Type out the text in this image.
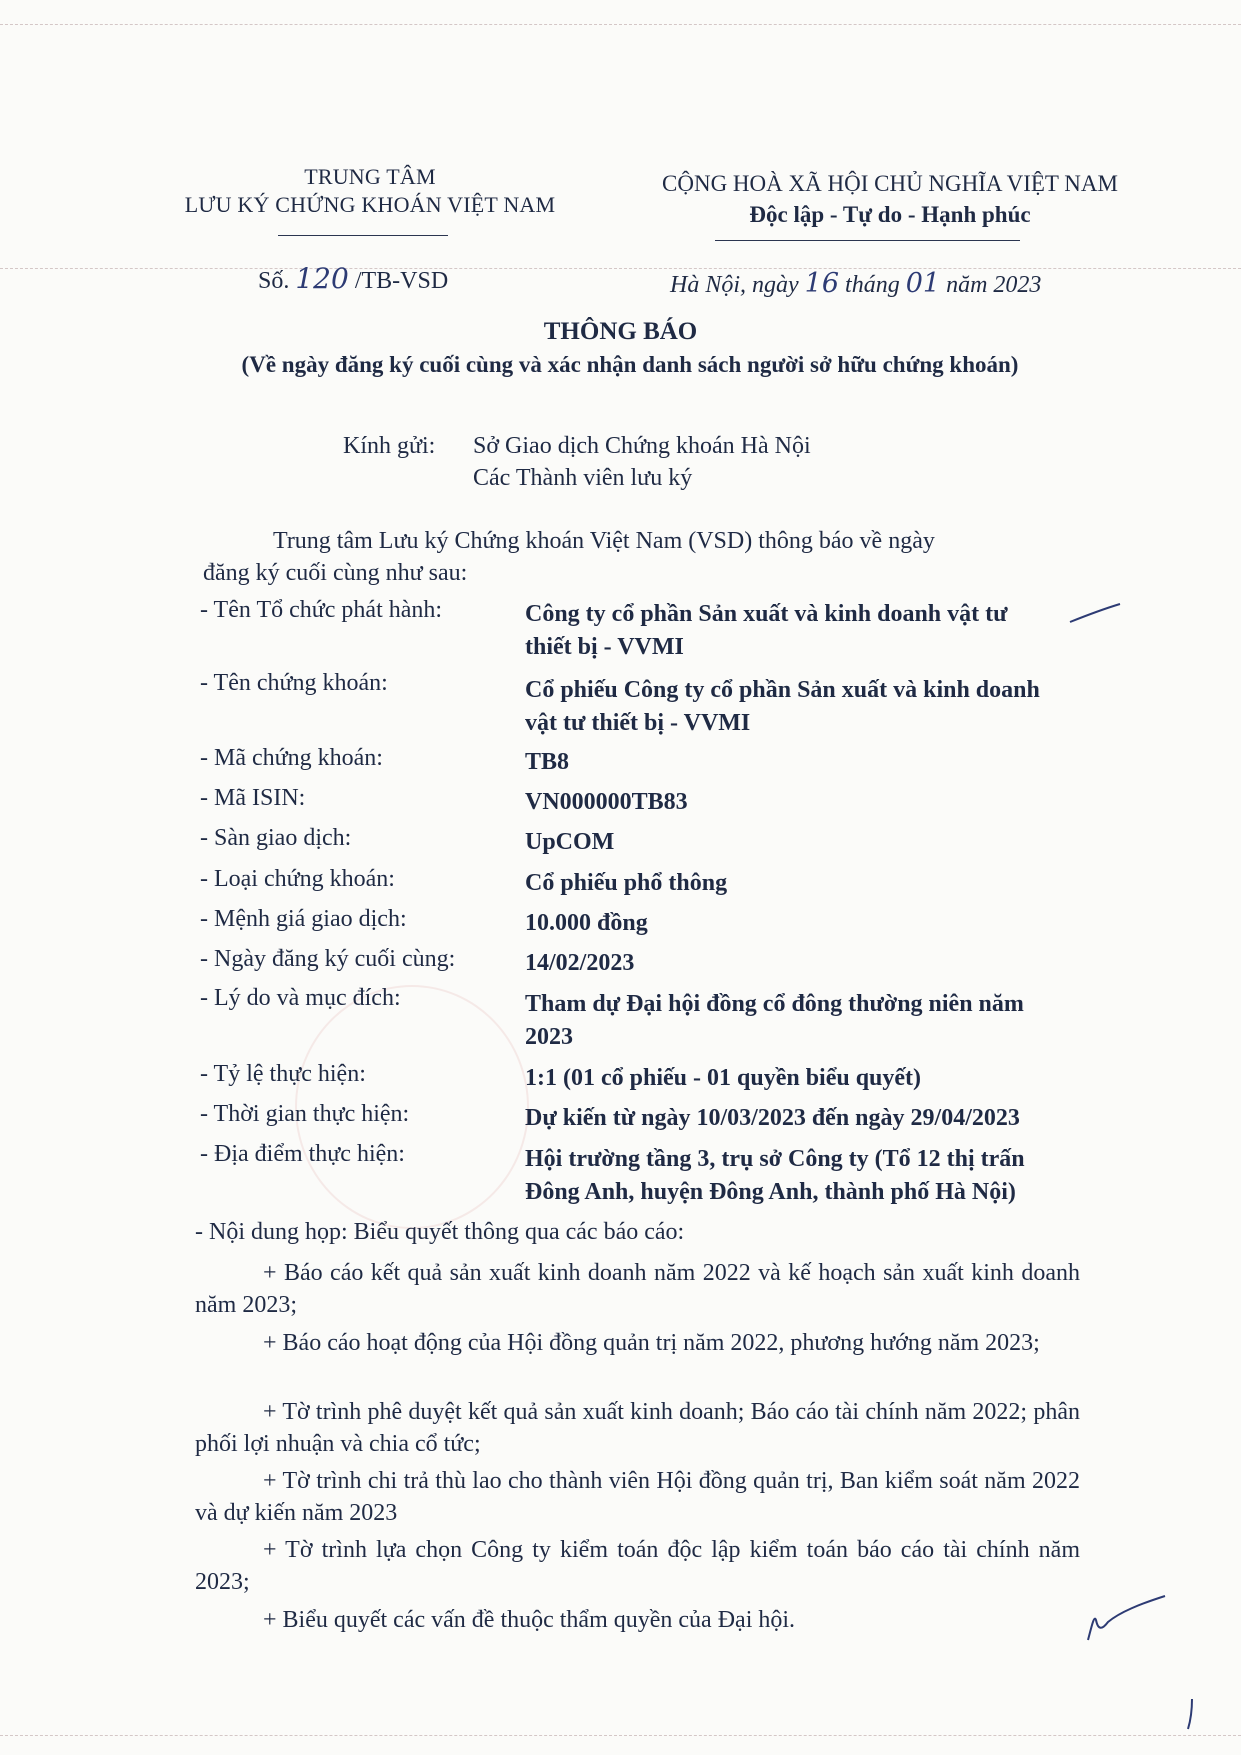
TRUNG TÂM
LƯU KÝ CHỨNG KHOÁN VIỆT NAM
CỘNG HOÀ XÃ HỘI CHỦ NGHĨA VIỆT NAM
Độc lập - Tự do - Hạnh phúc
Số. 120 /TB-VSD	Hà Nội, ngày 16 tháng 01 năm 2023
THÔNG BÁO
(Về ngày đăng ký cuối cùng và xác nhận danh sách người sở hữu chứng khoán)
Kính gửi: Sở Giao dịch Chứng khoán Hà Nội
Các Thành viên lưu ký
Trung tâm Lưu ký Chứng khoán Việt Nam (VSD) thông báo về ngày
đăng ký cuối cùng như sau:
- Tên Tổ chức phát hành:	Công ty cổ phần Sản xuất và kinh doanh vật tư
thiết bị - VVMI
- Tên chứng khoán:	Cổ phiếu Công ty cổ phần Sản xuất và kinh doanh
vật tư thiết bị - VVMI
- Mã chứng khoán:	TB8
- Mã ISIN:	VN000000TB83
- Sàn giao dịch:	UpCOM
- Loại chứng khoán:	Cổ phiếu phổ thông
- Mệnh giá giao dịch:	10.000 đồng
- Ngày đăng ký cuối cùng:	14/02/2023
- Lý do và mục đích:	Tham dự Đại hội đồng cổ đông thường niên năm
2023
- Tỷ lệ thực hiện:	1:1 (01 cổ phiếu - 01 quyền biểu quyết)
- Thời gian thực hiện:	Dự kiến từ ngày 10/03/2023 đến ngày 29/04/2023
- Địa điểm thực hiện:	Hội trường tầng 3, trụ sở Công ty (Tổ 12 thị trấn
Đông Anh, huyện Đông Anh, thành phố Hà Nội)
- Nội dung họp: Biểu quyết thông qua các báo cáo:
+ Báo cáo kết quả sản xuất kinh doanh năm 2022 và kế hoạch sản xuất kinh doanh năm 2023;
+ Báo cáo hoạt động của Hội đồng quản trị năm 2022, phương hướng năm 2023;
+ Tờ trình phê duyệt kết quả sản xuất kinh doanh; Báo cáo tài chính năm 2022; phân phối lợi nhuận và chia cổ tức;
+ Tờ trình chi trả thù lao cho thành viên Hội đồng quản trị, Ban kiểm soát năm 2022 và dự kiến năm 2023
+ Tờ trình lựa chọn Công ty kiểm toán độc lập kiểm toán báo cáo tài chính năm 2023;
+ Biểu quyết các vấn đề thuộc thẩm quyền của Đại hội.
